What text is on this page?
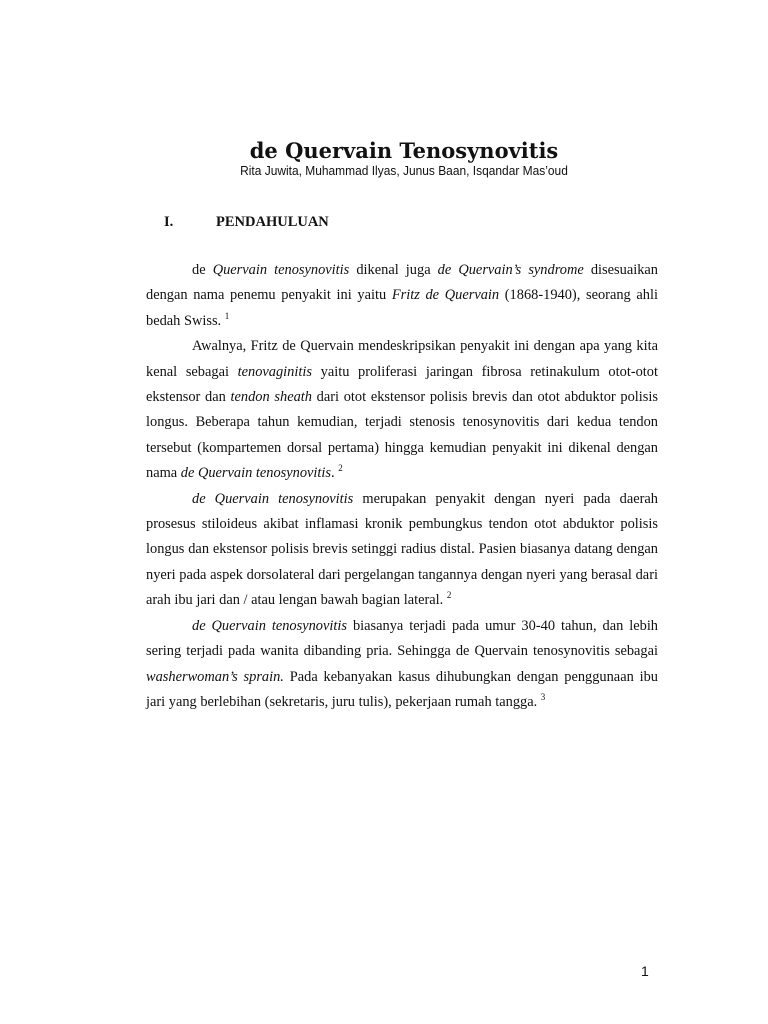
de Quervain Tenosynovitis
Rita Juwita, Muhammad Ilyas, Junus Baan, Isqandar Mas’oud
I.	PENDAHULUAN

de Quervain tenosynovitis dikenal juga de Quervain’s syndrome disesuaikan dengan nama penemu penyakit ini yaitu Fritz de Quervain (1868-1940), seorang ahli bedah Swiss. $^1$

Awalnya, Fritz de Quervain mendeskripsikan penyakit ini dengan apa yang kita kenal sebagai tenovaginitis yaitu proliferasi jaringan fibrosa retinakulum otot-otot ekstensor dan tendon sheath dari otot ekstensor polisis brevis dan otot abduktor polisis longus. Beberapa tahun kemudian, terjadi stenosis tenosynovitis dari kedua tendon tersebut (kompartemen dorsal pertama) hingga kemudian penyakit ini dikenal dengan nama de Quervain tenosynovitis. $^2$

de Quervain tenosynovitis merupakan penyakit dengan nyeri pada daerah prosesus stiloideus akibat inflamasi kronik pembungkus tendon otot abduktor polisis longus dan ekstensor polisis brevis setinggi radius distal. Pasien biasanya datang dengan nyeri pada aspek dorsolateral dari pergelangan tangannya dengan nyeri yang berasal dari arah ibu jari dan / atau lengan bawah bagian lateral. $^2$

de Quervain tenosynovitis biasanya terjadi pada umur 30-40 tahun, dan lebih sering terjadi pada wanita dibanding pria. Sehingga de Quervain tenosynovitis sebagai washerwoman’s sprain. Pada kebanyakan kasus dihubungkan dengan penggunaan ibu jari yang berlebihan (sekretaris, juru tulis), pekerjaan rumah tangga. $^3$

1
